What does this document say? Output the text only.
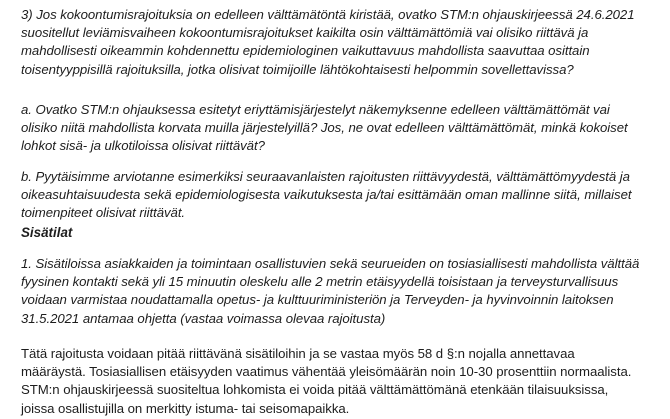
3) Jos kokoontumisrajoituksia on edelleen välttämätöntä kiristää, ovatko STM:n ohjauskirjeessä 24.6.2021
suositellut leviämisvaiheen kokoontumisrajoitukset kaikilta osin välttämättömiä vai olisiko riittävä ja
mahdollisesti oikeammin kohdennettu epidemiologinen vaikuttavuus mahdollista saavuttaa osittain
toisentyyppisillä rajoituksilla, jotka olisivat toimijoille lähtökohtaisesti helpommin sovellettavissa?

a. Ovatko STM:n ohjauksessa esitetyt eriyttämisjärjestelyt näkemyksenne edelleen välttämättömät vai
olisiko niitä mahdollista korvata muilla järjestelyillä? Jos, ne ovat edelleen välttämättömät, minkä kokoiset
lohkot sisä- ja ulkotiloissa olisivat riittävät?

b. Pyytäisimme arviotanne esimerkiksi seuraavanlaisten rajoitusten riittävyydestä, välttämättömyydestä ja
oikeasuhtaisuudesta sekä epidemiologisesta vaikutuksesta ja/tai esittämään oman mallinne siitä, millaiset
toimenpiteet olisivat riittävät.

Sisätilat

1. Sisätiloissa asiakkaiden ja toimintaan osallistuvien sekä seurueiden on tosiasiallisesti mahdollista välttää
fyysinen kontakti sekä yli 15 minuutin oleskelu alle 2 metrin etäisyydellä toisistaan ja terveysturvallisuus
voidaan varmistaa noudattamalla opetus- ja kulttuuriministeriön ja Terveyden- ja hyvinvoinnin laitoksen
31.5.2021 antamaa ohjetta (vastaa voimassa olevaa rajoitusta)

Tätä rajoitusta voidaan pitää riittävänä sisätiloihin ja se vastaa myös 58 d §:n nojalla annettavaa
määräystä. Tosiasiallisen etäisyyden vaatimus vähentää yleisömäärän noin 10-30 prosenttiin normaalista.
STM:n ohjauskirjeessä suositeltua lohkomista ei voida pitää välttämättömänä etenkään tilaisuuksissa,
joissa osallistujilla on merkitty istuma- tai seisomapaikka.
